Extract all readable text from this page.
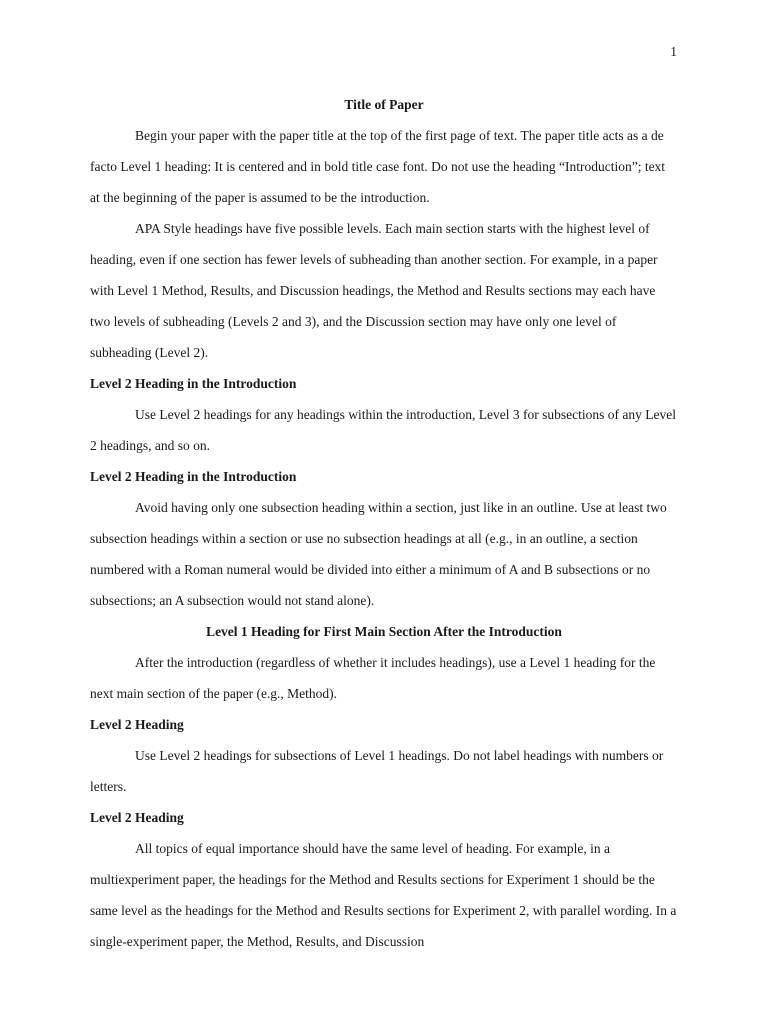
1

Title of Paper

Begin your paper with the paper title at the top of the first page of text. The paper title acts as a de facto Level 1 heading: It is centered and in bold title case font. Do not use the heading “Introduction”; text at the beginning of the paper is assumed to be the introduction.

APA Style headings have five possible levels. Each main section starts with the highest level of heading, even if one section has fewer levels of subheading than another section. For example, in a paper with Level 1 Method, Results, and Discussion headings, the Method and Results sections may each have two levels of subheading (Levels 2 and 3), and the Discussion section may have only one level of subheading (Level 2).

Level 2 Heading in the Introduction

Use Level 2 headings for any headings within the introduction, Level 3 for subsections of any Level 2 headings, and so on.

Level 2 Heading in the Introduction

Avoid having only one subsection heading within a section, just like in an outline. Use at least two subsection headings within a section or use no subsection headings at all (e.g., in an outline, a section numbered with a Roman numeral would be divided into either a minimum of A and B subsections or no subsections; an A subsection would not stand alone).

Level 1 Heading for First Main Section After the Introduction

After the introduction (regardless of whether it includes headings), use a Level 1 heading for the next main section of the paper (e.g., Method).

Level 2 Heading

Use Level 2 headings for subsections of Level 1 headings. Do not label headings with numbers or letters.

Level 2 Heading

All topics of equal importance should have the same level of heading. For example, in a multiexperiment paper, the headings for the Method and Results sections for Experiment 1 should be the same level as the headings for the Method and Results sections for Experiment 2, with parallel wording. In a single-experiment paper, the Method, Results, and Discussion
